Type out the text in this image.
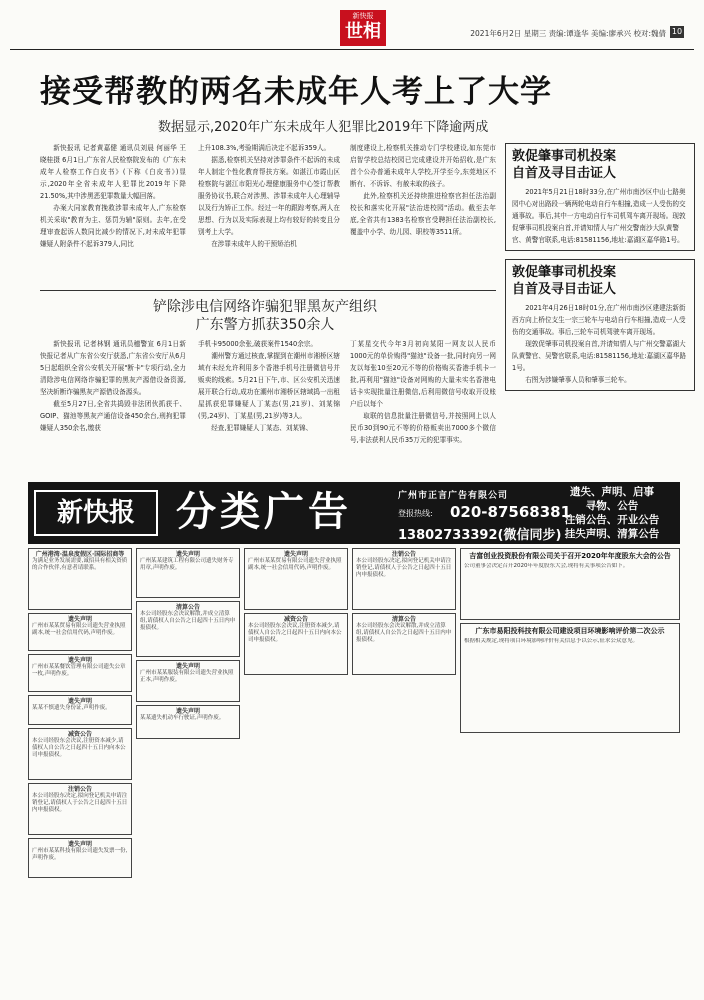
新快报
世相	2021年6月2日 星期三 责编:谭逢华 美编:廖承兴 校对:魏倩 10
接受帮教的两名未成年人考上了大学
数据显示,2020年广东未成年人犯罪比2019年下降逾两成

新快报讯 记者黄嘉健 通讯员刘晨 何丽华 王晓桂摄 6月1日,广东省人民检察院发布的《广东未成年人检察工作白皮书》(下称《白皮书》)显示,2020年全省未成年人犯罪比2019年下降21.50%,其中涉黑恶犯罪数量大幅回落。

办案大同家教育挽救涉罪未成年人,广东检察机关采取"教育为主、惩罚为辅"原则。去年,在受理审查起诉人数同比减少的情况下,对未成年犯罪嫌疑人附条件不起诉379人,同比

上升108.3%,考验期满后决定不起诉359人。

据悉,检察机关坚持对涉罪条件不起诉的未成年人制定个性化教育帮扶方案。如湛江市霞山区检察院与湛江市阳光心理健康服务中心签订帮教服务协议书,联合对涉黑、涉罪未成年人心理辅导以及行为矫正工作。经过一年的跟踪考察,两人在思想、行为以及实际表现上均有较好的转变且分别考上大学。

在涉罪未成年人的干预矫治机

制度建设上,检察机关推动专门学校建设,如东莞市启智学校总结校园已完成建设并开始招收,是广东首个公办普通未成年人学校,开学至今,东莞地区不断有、不诉诉、有赦未取的孩子。

此外,检察机关还持续推进检察官担任法治副校长和落实化开展"法治进校园"活动。截至去年底,全省共有1383名检察官受聘担任法治副校长,覆盖中小学、幼儿园、职校等3511所。

铲除涉电信网络诈骗犯罪黑灰产组织
广东警方抓获350余人

新快报讯 记者林钢 通讯员穗警宣 6月1日新快报记者从广东省公安厅获悉,广东省公安厅从6月5日起组织全省公安机关开展"断卡"专项行动,全力清除涉电信网络诈骗犯罪的黑灰产源借设备资源,坚决斩断诈骗黑灰产源借设备源头。

截至5月27日,全省共捣毁非法团伙抓获千、GOIP、猫池等黑灰产通信设备450余台,刑拘犯罪嫌疑人350余名,缴获

手机卡95000余张,破获案件1540余宗。

潮州警方通过核查,掌握到在潮州市湘桥区辖域有未经允许利用多个香港手机号注册微信号并贩卖的线索。5月21日下午,市、区公安机关迅速展开联合行动,成功在潮州市湘桥区辖域捣一出租屋抓获犯罪嫌疑人丁某态(男,21岁)、刘某锦(男,24岁)、丁某星(男,21岁)等3人。

经查,犯罪嫌疑人丁某态、刘某锦、

丁某星交代今年3月初向某阳一网友以人民币1000元的单价购得"猫池"设备一批,同时向另一网友以每张10至20元不等的价格购买香港手机卡一批,再利用"猫池"设备对网购的大量未实名香港电话卡实现批量注册微信,后利用微信号收取开设账户后以每个

取联的信息批量注册微信号,并按照网上以人民币30到90元不等的价格贩卖出7000多个微信号,非法获利人民币35万元的犯罪事实。

敦促肇事司机投案
自首及寻目击证人

2021年5月21日18时33分,在广州市南沙区中山七路奥园中心对出路段一辆两轮电动自行车相撞,造成一人受伤的交通事故。事后,其中一方电动自行车司机驾车离开现场。现敦促肇事司机投案自首,并请知情人与广州交警南沙大队黄警官、黄警官联系,电话:81581156,地址:嘉湖区嘉华路1号。

敦促肇事司机投案
自首及寻目击证人

2021年4月26日18时01分,在广州市南沙区建建法新街西方向上桥位支生一宗三轮车与电动自行车相撞,造成一人受伤的交通事故。事后,三轮车司机驾驶车离开现场。

现敦促肇事司机投案自首,并请知情人与广州交警嘉湖大队黄警官、吴警官联系,电话:81581156,地址:嘉湖区嘉华路1号。

右图为涉嫌肇事人员和肇事三轮车。

新快报	分类广告	广州市正言广告有限公司
登报热线: 020-87568381
13802733392(微信同步)
遗失、声明、启事
寻物、公告
注销公告、开业公告
挂失声明、清算公告
广州港湾·温泉度假区·国际招商等
为满足业务发展需要,诚招具有相关资质的合作伙伴,有意者请联系。
遗失声明
广州市某某贸易有限公司遗失营业执照副本,统一社会信用代码,声明作废。
遗失声明
广州市某某餐饮管理有限公司遗失公章一枚,声明作废。
遗失声明
某某不慎遗失身份证,声明作废。
减资公告
本公司经股东会决议,注册资本减少,请债权人自公告之日起四十五日内向本公司申报债权。
注销公告
本公司经股东决定,拟向登记机关申请注销登记,请债权人于公告之日起四十五日内申报债权。
遗失声明
广州市某某科技有限公司遗失发票一份,声明作废。
遗失声明
广州某某建筑工程有限公司遗失财务专用章,声明作废。
清算公告
本公司经股东会决议解散,并成立清算组,请债权人自公告之日起四十五日内申报债权。
遗失声明
广州市某某服装有限公司遗失营业执照正本,声明作废。
遗失声明
某某遗失机动车行驶证,声明作废。
遗失声明
广州市某某贸易有限公司遗失营业执照副本,统一社会信用代码,声明作废。
减资公告
本公司经股东会决议,注册资本减少,请债权人自公告之日起四十五日内向本公司申报债权。
注销公告
本公司经股东决定,拟向登记机关申请注销登记,请债权人于公告之日起四十五日内申报债权。
清算公告
本公司经股东会决议解散,并成立清算组,请债权人自公告之日起四十五日内申报债权。
吉富创业投资股份有限公司关于召开2020年年度股东大会的公告
公司董事会决定召开2020年年度股东大会,现将有关事项公告如下。
广东市易阳投科技有限公司建设项目环境影响评价第二次公示
根据相关规定,现将项目环境影响评价有关信息予以公示,征求公众意见。
